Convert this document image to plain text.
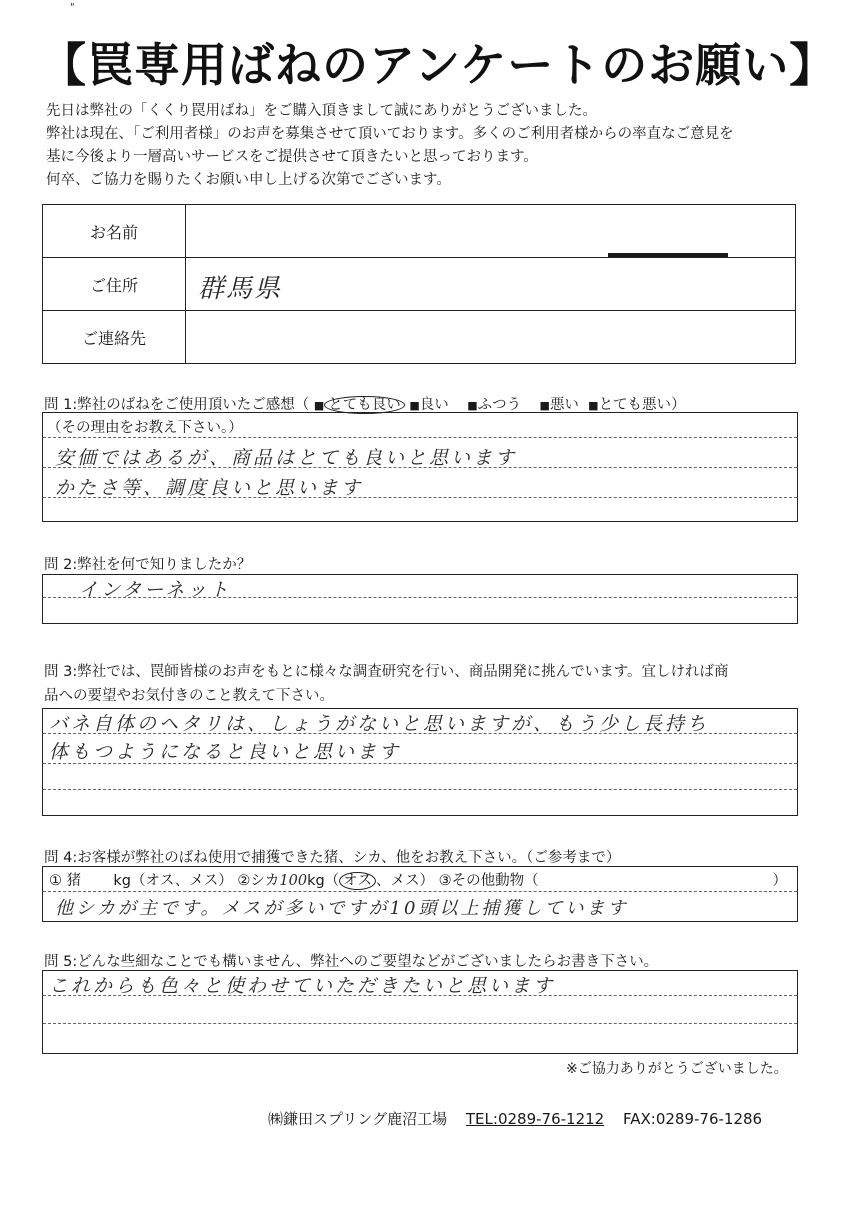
"
【罠専用ばねのアンケートのお願い】
先日は弊社の「くくり罠用ばね」をご購入頂きまして誠にありがとうございました。
弊社は現在、「ご利用者様」のお声を募集させて頂いております。多くのご利用者様からの率直なご意見を
基に今後より一層高いサービスをご提供させて頂きたいと思っております。
何卒、ご協力を賜りたくお願い申し上げる次第でございます。
お名前	

ご住所	群馬県

ご連絡先	
問 1:弊社のばねをご使用頂いたご感想（ ■ とても良い ■良い ■ふつう ■悪い ■とても悪い）
（その理由をお教え下さい。）
安価ではあるが、商品はとても良いと思います
かたさ等、調度良いと思います
問 2:弊社を何で知りましたか？
インターネット
問 3:弊社では、罠師皆様のお声をもとに様々な調査研究を行い、商品開発に挑んでいます。宜しければ商
品への要望やお気付きのこと教えて下さい。
バネ自体のヘタリは、しょうがないと思いますが、もう少し長持ち
体もつようになると良いと思います
問 4:お客様が弊社のばね使用で捕獲できた猪、シカ、他をお教え下さい。（ご参考まで）
① 猪 kg（オス、メス） ②シカ100kg（ オス 、メス） ③その他動物（	）
他シカが主です。メスが多いですが10頭以上捕獲しています
問 5:どんな些細なことでも構いません、弊社へのご要望などがございましたらお書き下さい。
これからも色々と使わせていただきたいと思います
※ご協力ありがとうございました。
㈱鎌田スプリング鹿沼工場 TEL:0289-76-1212 FAX:0289-76-1286
